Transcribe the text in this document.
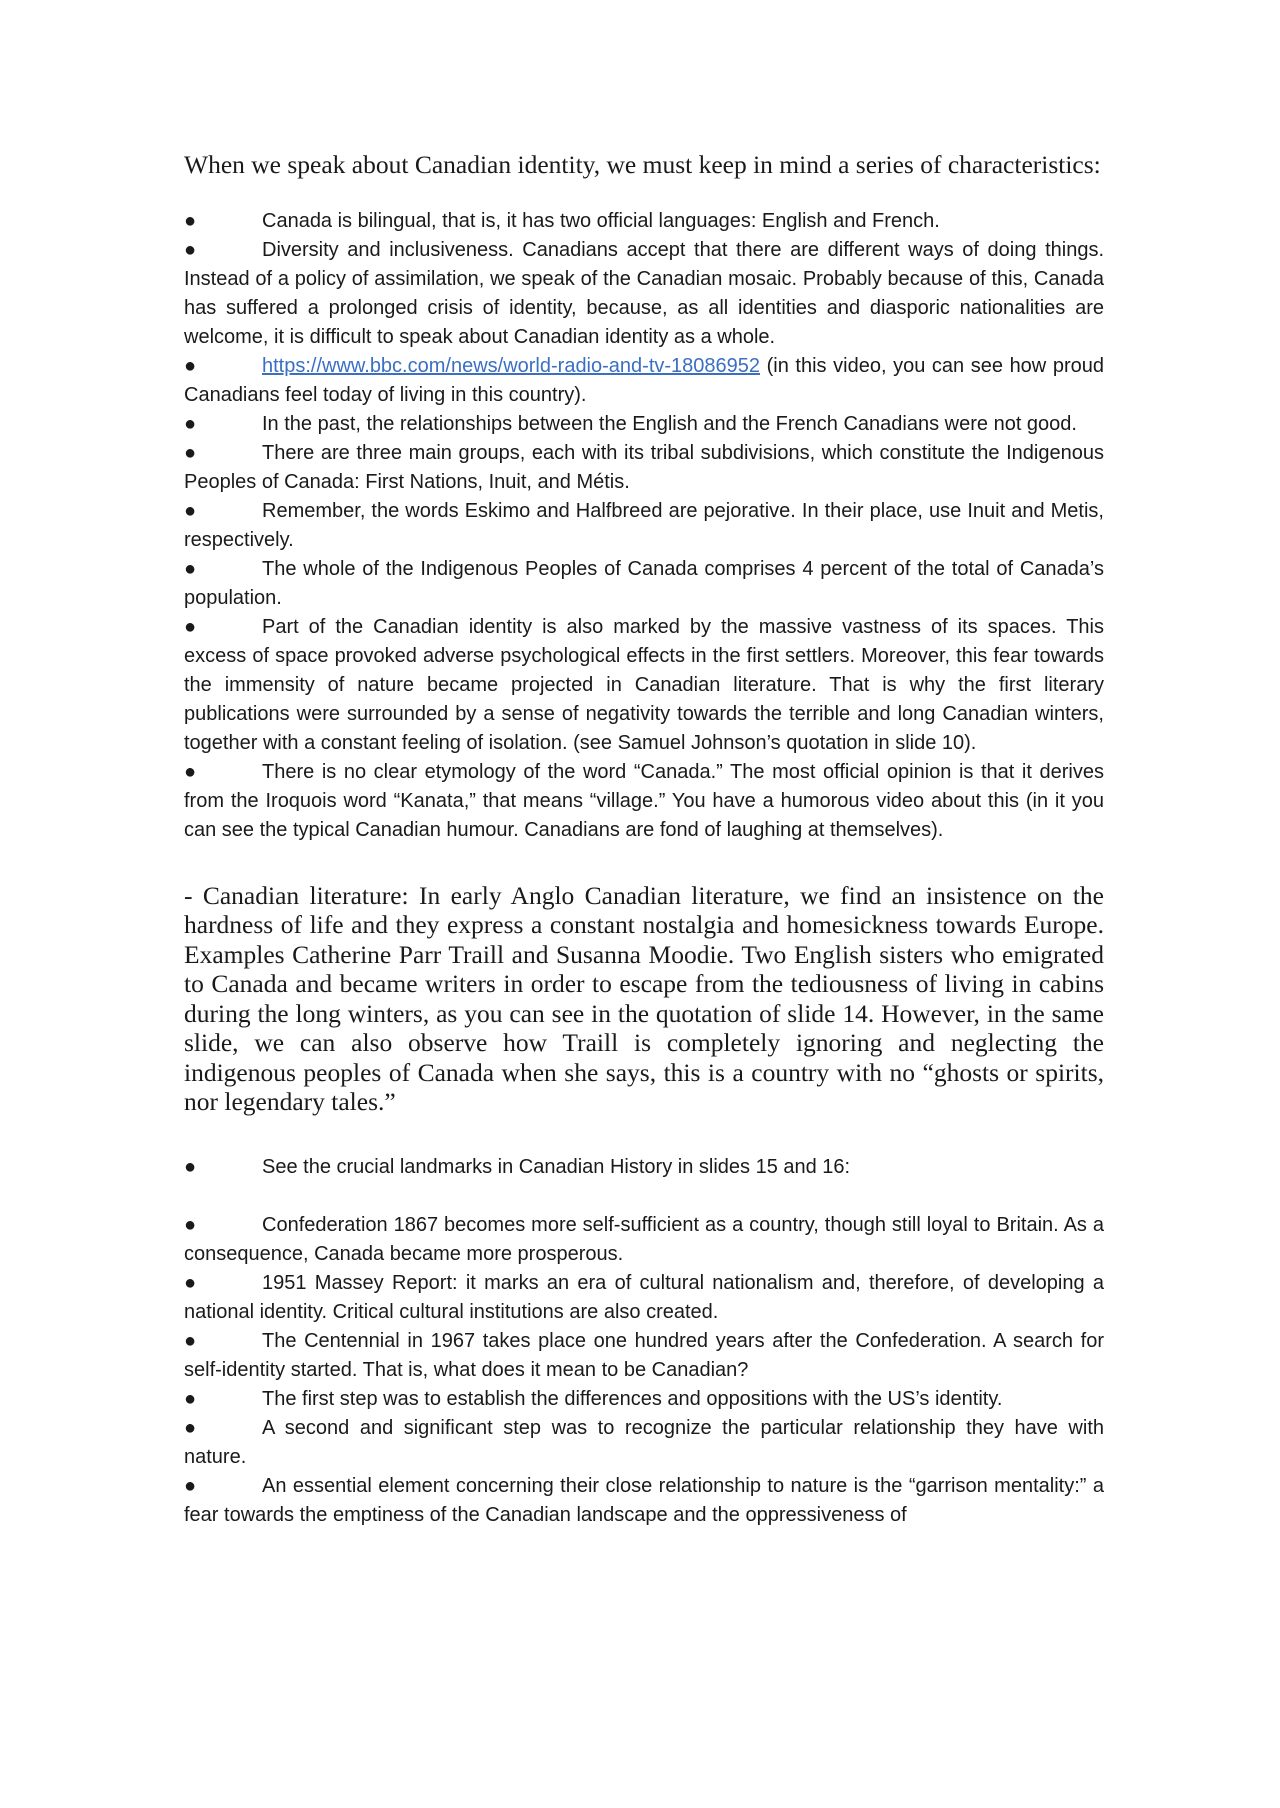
When we speak about Canadian identity, we must keep in mind a series of characteristics:

●	Canada is bilingual, that is, it has two official languages: English and French.
●	Diversity and inclusiveness. Canadians accept that there are different ways of doing things. Instead of a policy of assimilation, we speak of the Canadian mosaic. Probably because of this, Canada has suffered a prolonged crisis of identity, because, as all identities and diasporic nationalities are welcome, it is difficult to speak about Canadian identity as a whole.
●	https://www.bbc.com/news/world-radio-and-tv-18086952 (in this video, you can see how proud Canadians feel today of living in this country).
●	In the past, the relationships between the English and the French Canadians were not good.
●	There are three main groups, each with its tribal subdivisions, which constitute the Indigenous Peoples of Canada: First Nations, Inuit, and Métis.
●	Remember, the words Eskimo and Halfbreed are pejorative. In their place, use Inuit and Metis, respectively.
●	The whole of the Indigenous Peoples of Canada comprises 4 percent of the total of Canada’s population.
●	Part of the Canadian identity is also marked by the massive vastness of its spaces. This excess of space provoked adverse psychological effects in the first settlers. Moreover, this fear towards the immensity of nature became projected in Canadian literature. That is why the first literary publications were surrounded by a sense of negativity towards the terrible and long Canadian winters, together with a constant feeling of isolation. (see Samuel Johnson’s quotation in slide 10).
●	There is no clear etymology of the word “Canada.” The most official opinion is that it derives from the Iroquois word “Kanata,” that means “village.” You have a humorous video about this (in it you can see the typical Canadian humour. Canadians are fond of laughing at themselves).

- Canadian literature: In early Anglo Canadian literature, we find an insistence on the hardness of life and they express a constant nostalgia and homesickness towards Europe. Examples Catherine Parr Traill and Susanna Moodie. Two English sisters who emigrated to Canada and became writers in order to escape from the tediousness of living in cabins during the long winters, as you can see in the quotation of slide 14. However, in the same slide, we can also observe how Traill is completely ignoring and neglecting the indigenous peoples of Canada when she says, this is a country with no “ghosts or spirits, nor legendary tales.”

●	See the crucial landmarks in Canadian History in slides 15 and 16:

●	Confederation 1867 becomes more self-sufficient as a country, though still loyal to Britain. As a consequence, Canada became more prosperous.
●	1951 Massey Report: it marks an era of cultural nationalism and, therefore, of developing a national identity. Critical cultural institutions are also created.
●	The Centennial in 1967 takes place one hundred years after the Confederation. A search for self-identity started. That is, what does it mean to be Canadian?
●	The first step was to establish the differences and oppositions with the US’s identity.
●	A second and significant step was to recognize the particular relationship they have with nature.
●	An essential element concerning their close relationship to nature is the “garrison mentality:” a fear towards the emptiness of the Canadian landscape and the oppressiveness of
